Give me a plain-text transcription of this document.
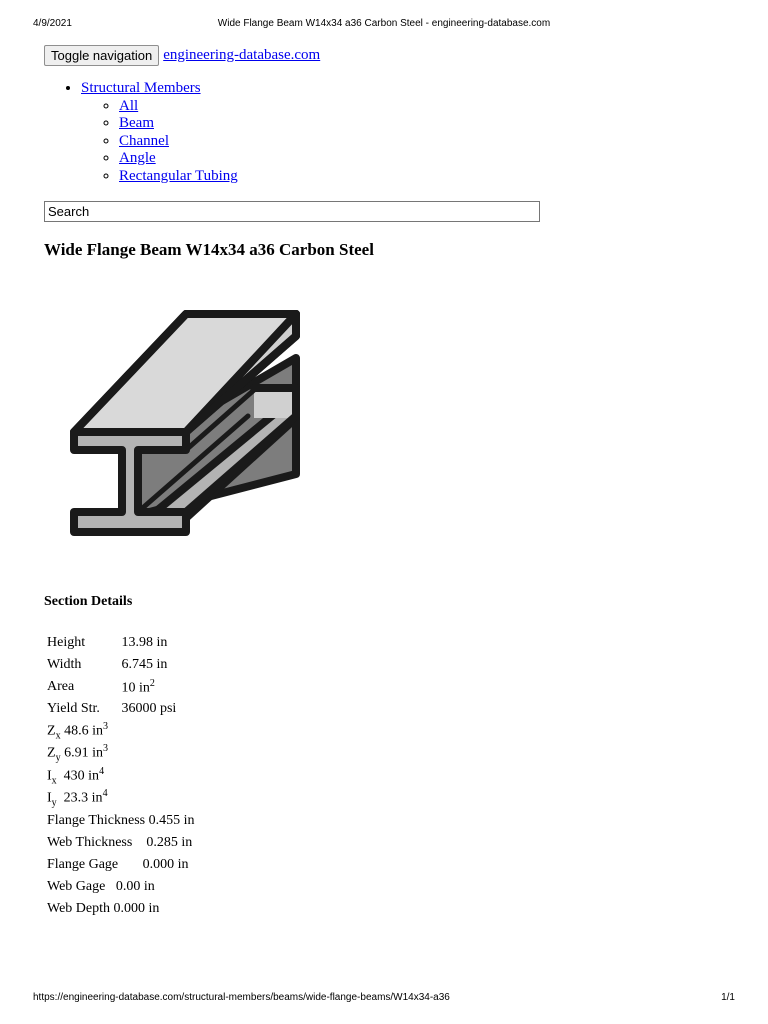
4/9/2021	Wide Flange Beam W14x34 a36 Carbon Steel - engineering-database.com
Toggle navigation engineering-database.com
• Structural Members
◦ All
◦ Beam
◦ Channel
◦ Angle
◦ Rectangular Tubing
Search
Wide Flange Beam W14x34 a36 Carbon Steel
Section Details
Height	13.98 in
Width	6.745 in
Area	10 $in^2$
Yield Str.	36000 psi
$Z_x$ 48.6 $in^3$
$Z_y$ 6.91 $in^3$
$I_x$ 430 $in^4$
$I_y$ 23.3 $in^4$
Flange Thickness 0.455 in	
Web Thickness 0.285 in	
Flange Gage 0.000 in	
Web Gage 0.00 in	
Web Depth 0.000 in	
https://engineering-database.com/structural-members/beams/wide-flange-beams/W14x34-a36	1/1
